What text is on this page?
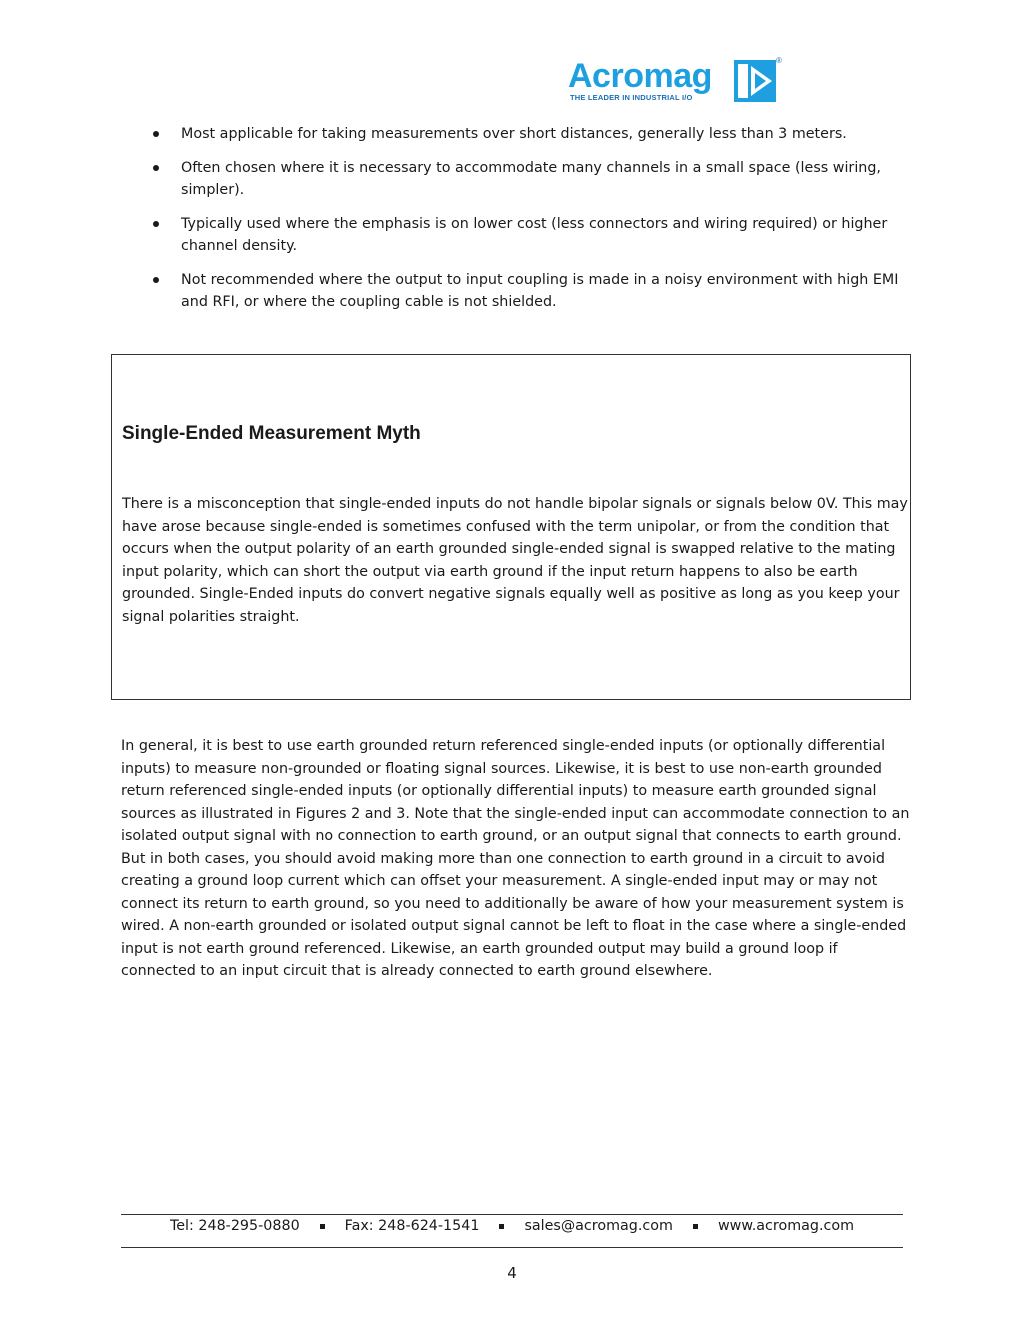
Acromag
THE LEADER IN INDUSTRIAL I/O
®
Most applicable for taking measurements over short distances, generally less than 3 meters.
Often chosen where it is necessary to accommodate many channels in a small space (less wiring, simpler).
Typically used where the emphasis is on lower cost (less connectors and wiring required) or higher channel density.
Not recommended where the output to input coupling is made in a noisy environment with high EMI and RFI, or where the coupling cable is not shielded.
Single-Ended Measurement Myth

There is a misconception that single-ended inputs do not handle bipolar signals or signals below 0V. This may have arose because single-ended is sometimes confused with the term unipolar, or from the condition that occurs when the output polarity of an earth grounded single-ended signal is swapped relative to the mating input polarity, which can short the output via earth ground if the input return happens to also be earth grounded. Single-Ended inputs do convert negative signals equally well as positive as long as you keep your signal polarities straight.

In general, it is best to use earth grounded return referenced single-ended inputs (or optionally differential inputs) to measure non-grounded or floating signal sources. Likewise, it is best to use non-earth grounded return referenced single-ended inputs (or optionally differential inputs) to measure earth grounded signal sources as illustrated in Figures 2 and 3. Note that the single-ended input can accommodate connection to an isolated output signal with no connection to earth ground, or an output signal that connects to earth ground. But in both cases, you should avoid making more than one connection to earth ground in a circuit to avoid creating a ground loop current which can offset your measurement. A single-ended input may or may not connect its return to earth ground, so you need to additionally be aware of how your measurement system is wired. A non-earth grounded or isolated output signal cannot be left to float in the case where a single-ended input is not earth ground referenced. Likewise, an earth grounded output may build a ground loop if connected to an input circuit that is already connected to earth ground elsewhere.

Tel: 248-295-0880	Fax: 248-624-1541	sales@acromag.com	www.acromag.com
4
